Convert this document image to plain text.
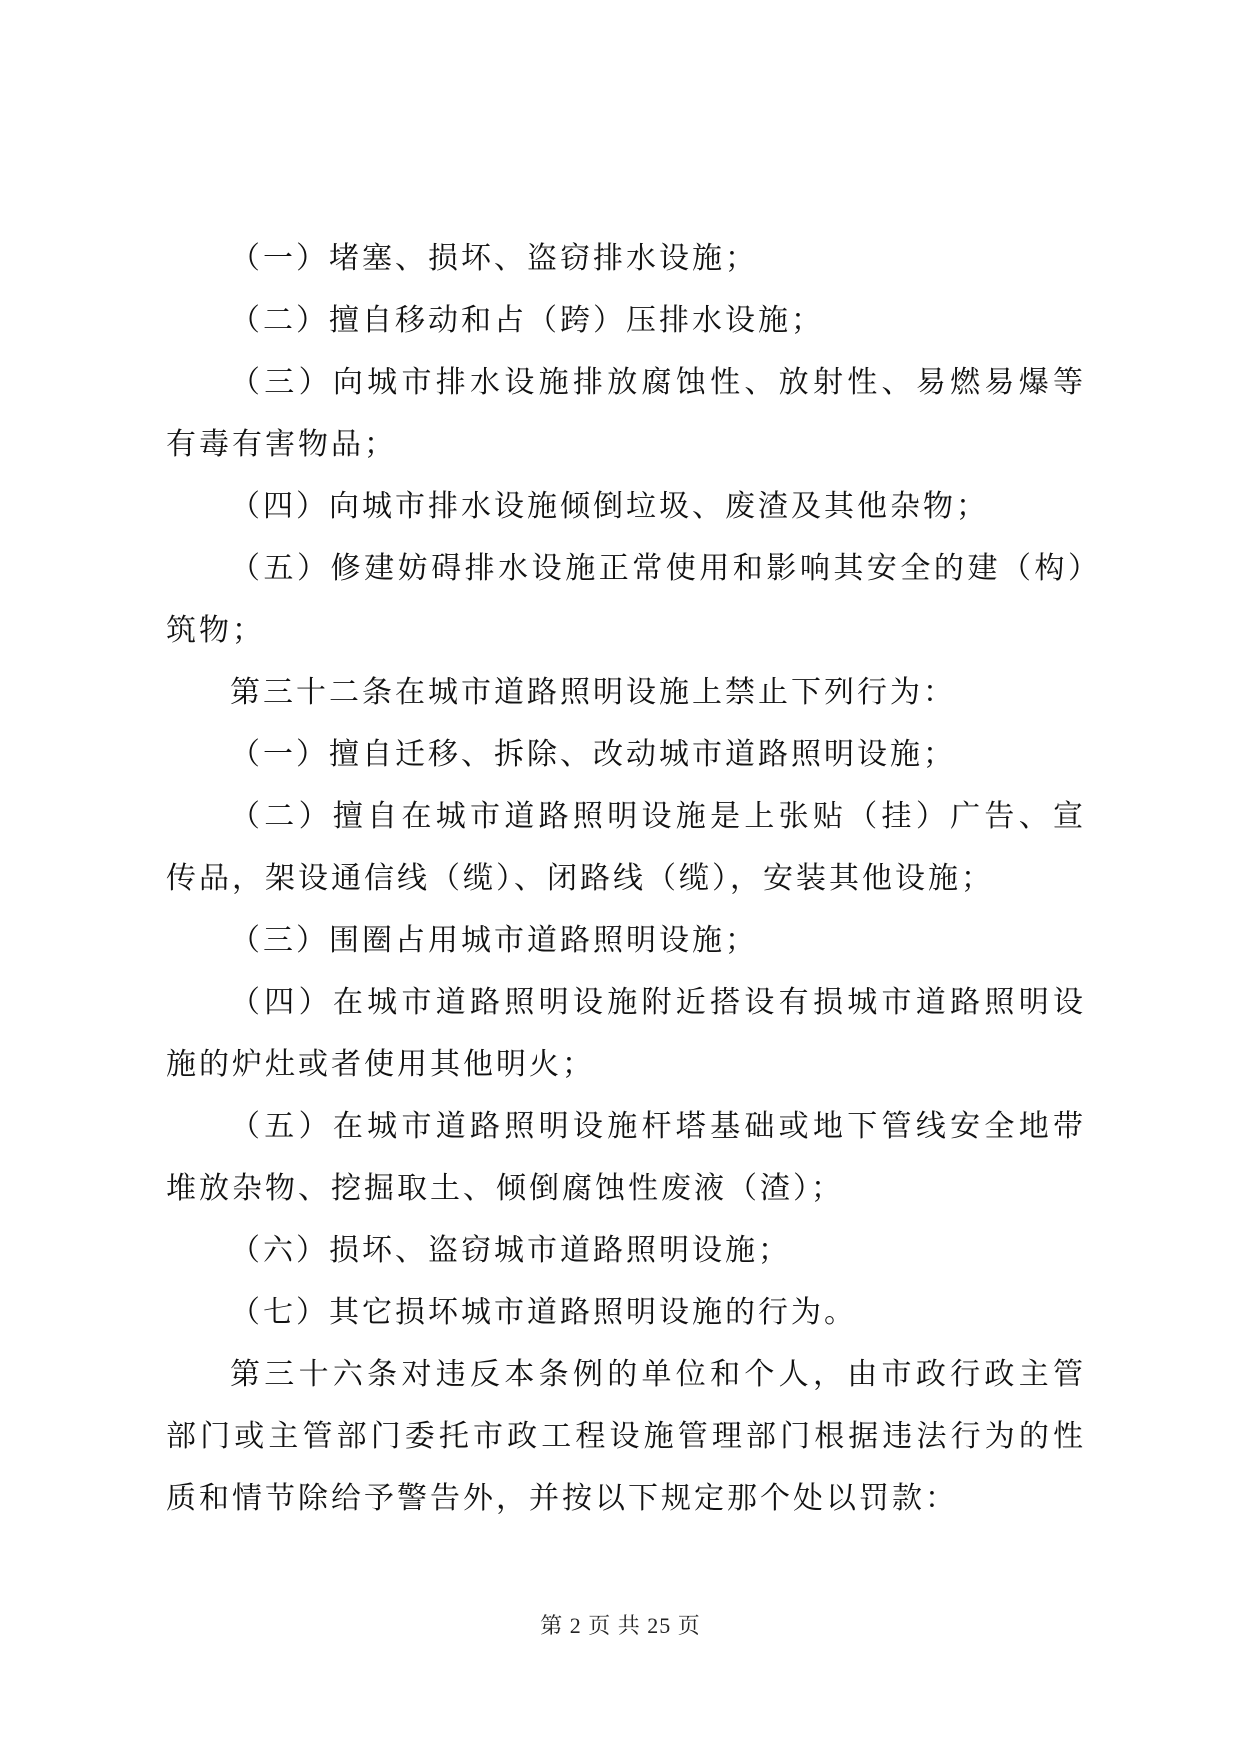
（一）堵塞、损坏、盗窃排水设施；

（二）擅自移动和占（跨）压排水设施；

（三）向城市排水设施排放腐蚀性、放射性、易燃易爆等有毒有害物品；

（四）向城市排水设施倾倒垃圾、废渣及其他杂物；

（五）修建妨碍排水设施正常使用和影响其安全的建（构）筑物；

第三十二条在城市道路照明设施上禁止下列行为：

（一）擅自迁移、拆除、改动城市道路照明设施；

（二）擅自在城市道路照明设施是上张贴（挂）广告、宣传品，架设通信线（缆）、闭路线（缆），安装其他设施；

（三）围圈占用城市道路照明设施；

（四）在城市道路照明设施附近搭设有损城市道路照明设施的炉灶或者使用其他明火；

（五）在城市道路照明设施杆塔基础或地下管线安全地带堆放杂物、挖掘取土、倾倒腐蚀性废液（渣）；

（六）损坏、盗窃城市道路照明设施；

（七）其它损坏城市道路照明设施的行为。

第三十六条对违反本条例的单位和个人，由市政行政主管部门或主管部门委托市政工程设施管理部门根据违法行为的性质和情节除给予警告外，并按以下规定那个处以罚款：

第 2 页 共 25 页
